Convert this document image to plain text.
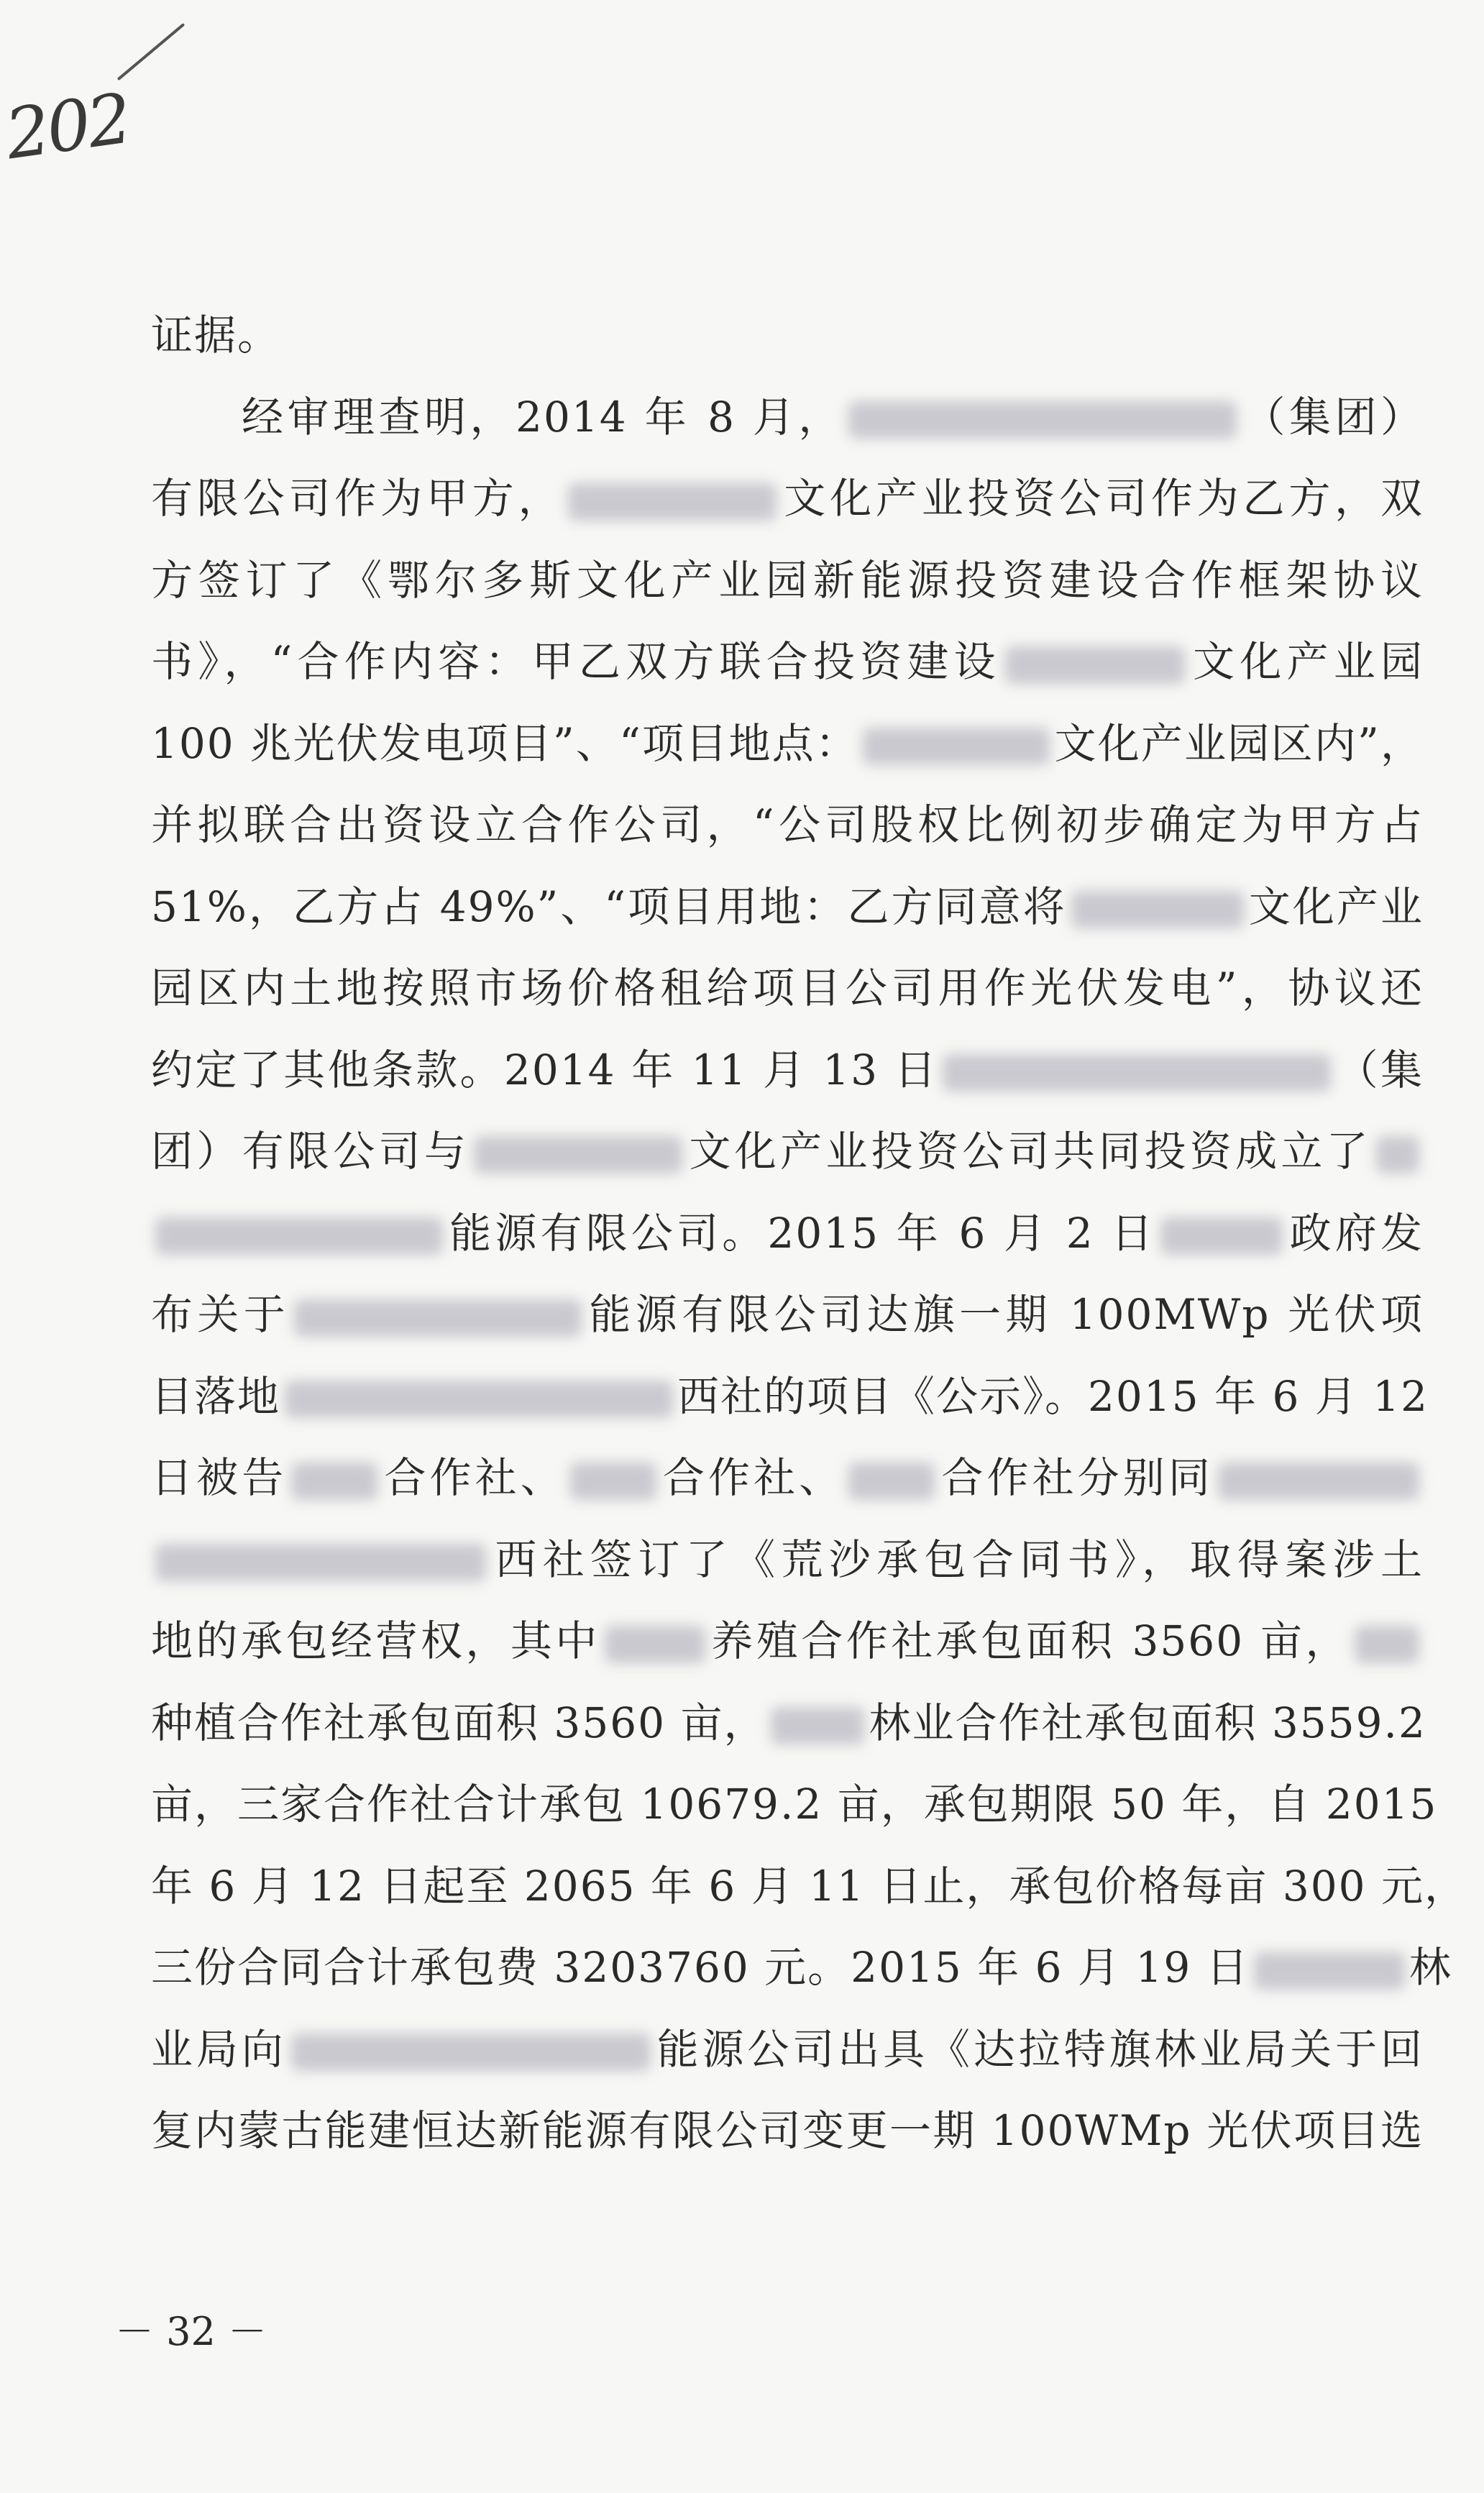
202
证据。
经审理查明，2014 年 8 月，	（集团）
有限公司作为甲方，	文化产业投资公司作为乙方，双
方签订了《鄂尔多斯文化产业园新能源投资建设合作框架协议
书》，“合作内容：甲乙双方联合投资建设	文化产业园
100 兆光伏发电项目”、“项目地点：	文化产业园区内”，
并拟联合出资设立合作公司，“公司股权比例初步确定为甲方占
51%，乙方占 49%”、“项目用地：乙方同意将	文化产业
园区内土地按照市场价格租给项目公司用作光伏发电”，协议还
约定了其他条款。2014 年 11 月 13 日	（集
团）有限公司与	文化产业投资公司共同投资成立了
能源有限公司。2015 年 6 月 2 日	政府发
布关于	能源有限公司达旗一期 100MWp 光伏项
目落地	西社的项目《公示》。2015 年 6 月 12
日被告 合作社、 合作社、 合作社分别同
西社签订了《荒沙承包合同书》，取得案涉土
地的承包经营权，其中	养殖合作社承包面积 3560 亩，
种植合作社承包面积 3560 亩， 林业合作社承包面积 3559.2
亩，三家合作社合计承包 10679.2 亩，承包期限 50 年，自 2015
年 6 月 12 日起至 2065 年 6 月 11 日止，承包价格每亩 300 元，
三份合同合计承包费 3203760 元。2015 年 6 月 19 日	林
业局向	能源公司出具《达拉特旗林业局关于回
复内蒙古能建恒达新能源有限公司变更一期 100WMp 光伏项目选
－ 32 －
